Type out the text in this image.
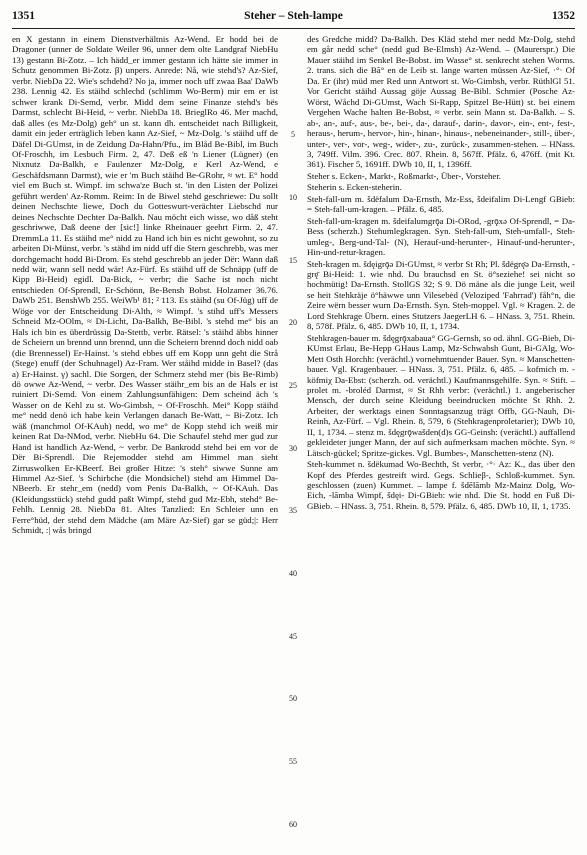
1351	Steher – Steh-lampe	1352

en X gestann in einem Dienstverhältnis Az-Wend. Er hodd bei de Dragoner (unner de Soldate Weiler 96, unner dem olte Landgraf NiebHu 13) gestann Bi-Zotz. – Ich hädd_er immer gestann ich hätte sie immer in Schutz genommen Bi-Zotz. β) unpers. Anrede: Nå, wie stehd's? Az-Sief, verbr. NiebDa 22. Wie's schdehd? No ja, immer noch uff zwaa Baa' DaWb 238. Lennig 42. Es stäihd schlechd (schlimm Wo-Berm) mir em er ist schwer krank Di-Semd, verbr. Midd dem seine Finanze stehd's bës Darmst, schlecht Bi-Heid, ~ verbr. NiebDa 18. BrieglRo 46. Mer machd, daß alles (es Mz-Dolg) geh° un st. kann dh. entscheidet nach Billigkeit, damit ein jeder erträglich leben kann Az-Sief, ~ Mz-Dolg. 's stäihd uff de Däfel Di-GUmst, in de Zeidung Da-Hahn/Pfu., im Blåd Be-Bibl, im Buch Of-Froschh, im Lesbuch Firm. 2, 47. Deß eß 'n Liener (Lügner) (en Nixnutz Da-Balkh, e Faulenzer Mz-Dolg, e Kerl Az-Wend, e Geschäfdsmann Darmst), wie er 'm Buch stäihd Be-GRohr, ≈ wt. E° hodd viel em Buch st. Wimpf. im schwa'ze Buch st. 'in den Listen der Polizei geführt werden' Az-Romm. Reim: In de Biwel stehd geschriewe: Du sollt deinen Nechschte liewe, Doch du Gotteswurt-verächter Liebschd nur deines Nechschte Dechter Da-Balkh. Nau möcht eich wisse, wo dåß steht geschriwwe, Daß deene der [sic!] linke Rheinauer geehrt Firm. 2, 47. DremmLa 11. Es stäihd me° nidd zu Hand ich bin es nicht gewohnt, so zu arbeiten Di-Münst, verbr. 's stähd im nidd uff die Stern geschrebb, was mer dorchgemacht hodd Bi-Drom. Es stehd geschrebb an jeder Dër: Wann daß nedd wär, wann sell nedd wär! Az-Fürf. Es stäihd uff de Schnäpp (uff de Kipp Bi-Heid) egidl. Da-Bick, ~ verbr; die Sache ist noch nicht entschieden Of-Sprendl, Er-Schönn, Be-Bensh Bobst. Holzamer 36.76. DaWb 251. BenshWb 255. WeiWb¹ 81; ² 113. Es stäihd (su Of-Jüg) uff de Wöge vor der Entscheidung Di-Alth, ≈ Wimpf. 's stihd uff's Messers Schneid Mz-OOlm, ≈ Di-Licht, Da-Balkh, Be-Bibl. 's stehd me° bis an Hals ich bin es überdrüssig Da-Stettb, verbr. Rätsel: 's stäihd äbbs hinner de Scheiern un brennd unn brennd, unn die Scheiern brennd doch nidd oab (die Brennessel) Er-Hainst. 's stehd ebbes uff em Kopp unn geht die Strå (Stege) enuff (der Schuhnagel) Az-Fram. Wer ståihd midde in Basel? (das a) Er-Hainst. γ) sachl. Die Sorgen, der Schmerz stehd mer (bis Be-Rimb) dö owwe Az-Wend, ~ verbr. Des Wasser stäihr_em bis an de Hals er ist ruiniert Di-Semd. Von einem Zahlungsunfähigen: Dem scheind äch 's Wasser on de Kehl zu st. Wo-Gimbsh, ~ Of-Froschh. Mei° Kopp stäihd me° nedd denö ich habe kein Verlangen danach Be-Watt, ~ Bi-Zotz. Ich wäß (manchmol Of-KAuh) nedd, wo me° de Kopp stehd ich weiß mir keinen Rat Da-NMod, verbr. NiebHu 64. Die Schaufel stehd mer gud zur Hand ist handlich Az-Wend, ~ verbr. De Bankrodd stehd bei em vor de Dër Bi-Sprendl. Die Rejemodder stehd am Himmel man sieht Zirruswolken Er-KBeerf. Bei großer Hitze: 's steh° siwwe Sunne am Himmel Az-Sief. 's Schirbche (die Mondsichel) stehd am Himmel Da-NBeerb. Er stehr_em (nedd) vom Penis Da-Balkh, ~ Of-KAuh. Das (Kleidungsstück) stehd gudd paßt Wimpf, stehd gud Mz-Ebh, stehd° Be-Fehlh. Lennig 28. NiebDa 81. Altes Tanzlied: En Schleier unn en Ferre°hüd, der stehd dem Mädche (am Märe Az-Sief) gar se güd;|: Herr Schmidt, :| wås bringd

5
10
15
20
25
30
35
40
45
50
55
60

des Gredche midd? Da-Balkh. Des Kläd stehd mer nedd Mz-Dolg, stehd em går nedd sche° (nedd gud Be-Elmsh) Az-Wend. – (Maurerspr.) Die Mauer stäihd im Senkel Be-Bobst. im Wasse° st. senkrecht stehen Worms. 2. trans. sich die Bã° en de Leib st. lange warten müssen Az-Sief, ·°· Of Da. Er (ihr) müd mer Red unn Antwort st. Wo-Gimbsh, verbr. RüthlGl 51. Vor Gericht stäihd Aussag göje Aussag Be-Bibl. Schmier (Posche Az-Wörst, Wåchd Di-GUmst, Wach Si-Rapp, Spitzel Be-Hütt) st. bei einem Vergehen Wache halten Be-Bobst, ≈ verbr. sein Mann st. Da-Balkh. – S. ab-, an-, auf-, aus-, be-, bei-, da-, darauf-, darin-, davor-, ein-, ent-, fest-, heraus-, herum-, hervor-, hin-, hinan-, hinaus-, nebeneinander-, still-, über-, unter-, ver-, vor-, weg-, wider-, zu-, zurück-, zusammen-stehen. – HNass. 3, 749ff. Vilm. 396. Crec. 807. Rhein. 8, 567ff. Pfälz. 6, 476ff. (mit Kt. 361). Fischer 5, 1691ff. DWb 10, II, 1, 1396ff.

Steher s. Ecken-, Markt-, Roßmarkt-, Über-, Vorsteher.

Steherin s. Ecken-steherin.

Steh-fall-um m. šdëfalum Da-Ernsth, Mz-Ess, šdeifalim Di-Lengf GBieb: = Steh-fall-um-kragen. – Pfälz. 6, 485.

Steh-fall-um-kragen m. šdeifalumgrǭa Di-ORod, -grǭxǝ Of-Sprendl, = Da-Bess (scherzh.) Stehumlegkragen. Syn. Steh-fall-um, Steh-umfall-, Steh-umleg-, Berg-und-Tal- (N), Herauf-und-herunter-, Hinauf-und-herunter-, Hin-und-retur-kragen.

Steh-kragen m. šdęigrǭǝ Di-GUmst, ≈ verbr St Rh; Pl. šdëgrę̄ǝ Da-Ernsth, -grę̄ Bi-Heid: 1. wie nhd. Du brauchsd en St. ö°seziehe! sei nicht so hochmütig! Da-Ernsth. StollGS 32; S 9. Dö mäne als die junge Leit, weil se heit Stehkräje ö°häwwe unn Vilesebėd (Veloziped 'Fahrrad') fåh°n, die Zeire wërn besser wurn Da-Ernsth. Syn. Steh-moppel. Vgl. ≈ Kragen. 2. de Lord Stehkrage Übern. eines Stutzers JaegerLH 6. – HNass. 3, 751. Rhein. 8, 578f. Pfälz. 6, 485. DWb 10, II, 1, 1734.

Stehkragen-bauer m. šdęgrǭxabaua° GG-Gernsh, so od. ähnl. GG-Bieb, Di-KUmst Erlau, Be-Hepp GHaus Lamp, Mz-Schwabsh Gunt, Bi-GAlg, Wo-Mett Osth Horchh: (verächtl.) vornehmtuender Bauer. Syn. ≈ Manschetten-bauer. Vgl. Kragenbauer. – HNass. 3, 751. Pfälz. 6, 485. – kofmich m. -köfmiχ Da-Ebst: (scherzh. od. verächtl.) Kaufmannsgehilfe. Syn. ≈ Stift. – prolet m. -broléd Darmst, ≈ St Rhh verbr: (verächtl.) 1. angeberischer Mensch, der durch seine Kleidung beeindrucken möchte St Rhh. 2. Arbeiter, der werktags einen Sonntagsanzug trägt Offb, GG-Nauh, Di-Reinh, Az-Fürf. – Vgl. Rhein. 8, 579, 6 (Stehkragenproletarier); DWb 10, II, 1, 1734. – stenz m. šdęgrǭwašden(d)s GG-Geinsh: (verächtl.) auffallend gekleideter junger Mann, der auf sich aufmerksam machen möchte. Syn. ≈ Lätsch-gückel; Spritze-gickes. Vgl. Bumbes-, Manschetten-stenz (N).

Steh-kummet n. šdëkumad Wo-Bechth, St verbr, ·°· Az: K., das über den Kopf des Pferdes gestreift wird. Gegs. Schlieβ-, Schloß-kummet. Syn. geschlossen (zuen) Kummet. – lampe f. šdēlāmb Mz-Mainz Dolg, Wo-Eich, -lāmba Wimpf, šdęi- Di-GBieb: wie nhd. Die St. hodd en Fuß Di-GBieb. – HNass. 3, 751. Rhein. 8, 579. Pfälz. 6, 485. DWb 10, II, 1, 1735.
